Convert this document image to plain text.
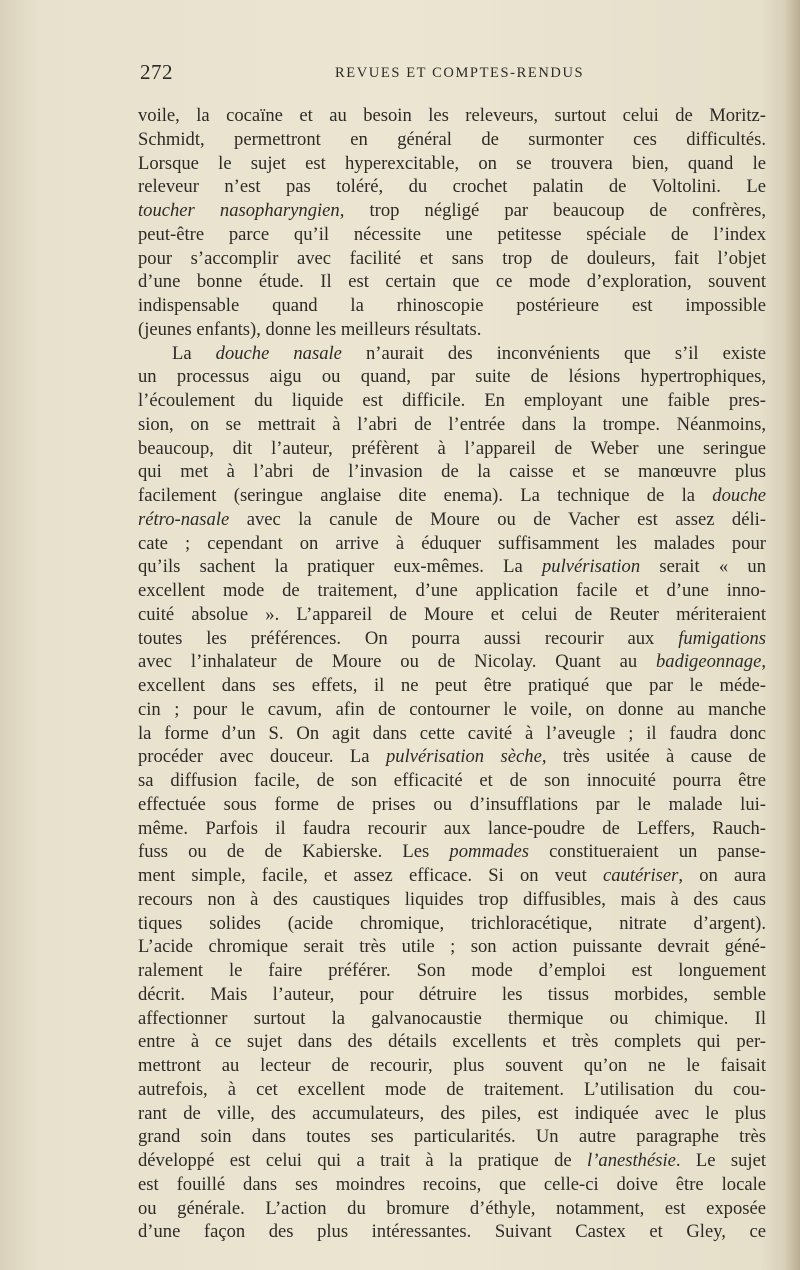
272	REVUES ET COMPTES-RENDUS
voile, la cocaïne et au besoin les releveurs, surtout celui de Moritz-
Schmidt, permettront en général de surmonter ces difficultés.
Lorsque le sujet est hyperexcitable, on se trouvera bien, quand le
releveur n’est pas toléré, du crochet palatin de Voltolini. Le
toucher nasopharyngien, trop négligé par beaucoup de confrères,
peut-être parce qu’il nécessite une petitesse spéciale de l’index
pour s’accomplir avec facilité et sans trop de douleurs, fait l’objet
d’une bonne étude. Il est certain que ce mode d’exploration, souvent
indispensable quand la rhinoscopie postérieure est impossible
(jeunes enfants), donne les meilleurs résultats.
La douche nasale n’aurait des inconvénients que s’il existe
un processus aigu ou quand, par suite de lésions hypertrophiques,
l’écoulement du liquide est difficile. En employant une faible pres-
sion, on se mettrait à l’abri de l’entrée dans la trompe. Néanmoins,
beaucoup, dit l’auteur, préfèrent à l’appareil de Weber une seringue
qui met à l’abri de l’invasion de la caisse et se manœuvre plus
facilement (seringue anglaise dite enema). La technique de la douche
rétro-nasale avec la canule de Moure ou de Vacher est assez déli-
cate ; cependant on arrive à éduquer suffisamment les malades pour
qu’ils sachent la pratiquer eux-mêmes. La pulvérisation serait « un
excellent mode de traitement, d’une application facile et d’une inno-
cuité absolue ». L’appareil de Moure et celui de Reuter mériteraient
toutes les préférences. On pourra aussi recourir aux fumigations
avec l’inhalateur de Moure ou de Nicolay. Quant au badigeonnage,
excellent dans ses effets, il ne peut être pratiqué que par le méde-
cin ; pour le cavum, afin de contourner le voile, on donne au manche
la forme d’un S. On agit dans cette cavité à l’aveugle ; il faudra donc
procéder avec douceur. La pulvérisation sèche, très usitée à cause de
sa diffusion facile, de son efficacité et de son innocuité pourra être
effectuée sous forme de prises ou d’insufflations par le malade lui-
même. Parfois il faudra recourir aux lance-poudre de Leffers, Rauch-
fuss ou de de Kabierske. Les pommades constitueraient un panse-
ment simple, facile, et assez efficace. Si on veut cautériser, on aura
recours non à des caustiques liquides trop diffusibles, mais à des caus
tiques solides (acide chromique, trichloracétique, nitrate d’argent).
L’acide chromique serait très utile ; son action puissante devrait géné-
ralement le faire préférer. Son mode d’emploi est longuement
décrit. Mais l’auteur, pour détruire les tissus morbides, semble
affectionner surtout la galvanocaustie thermique ou chimique. Il
entre à ce sujet dans des détails excellents et très complets qui per-
mettront au lecteur de recourir, plus souvent qu’on ne le faisait
autrefois, à cet excellent mode de traitement. L’utilisation du cou-
rant de ville, des accumulateurs, des piles, est indiquée avec le plus
grand soin dans toutes ses particularités. Un autre paragraphe très
développé est celui qui a trait à la pratique de l’anesthésie. Le sujet
est fouillé dans ses moindres recoins, que celle-ci doive être locale
ou générale. L’action du bromure d’éthyle, notamment, est exposée
d’une façon des plus intéressantes. Suivant Castex et Gley, ce
